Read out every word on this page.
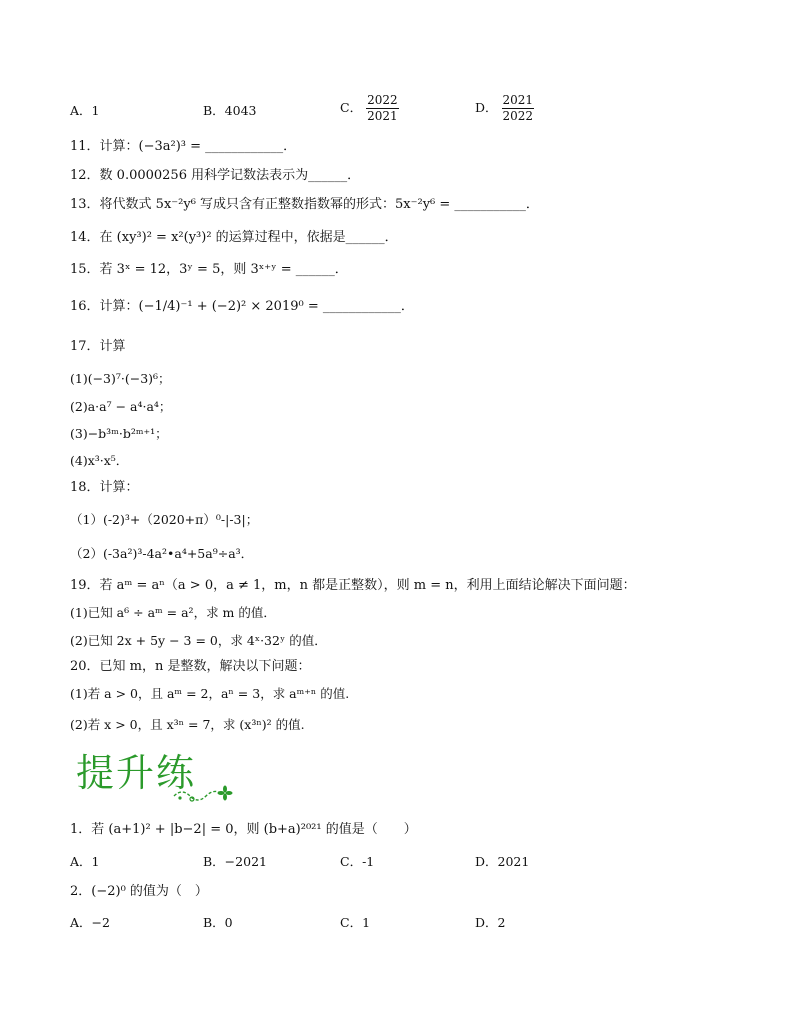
A．1	B．4043	C． $\frac{2022}{2021}$	D． $\frac{2021}{2022}$
11．计算：(−3a²)³ = ____________．
12．数 0.0000256 用科学记数法表示为______．
13．将代数式 5x⁻²y⁶ 写成只含有正整数指数幂的形式：5x⁻²y⁶ = ___________．
14．在 (xy³)² = x²(y³)² 的运算过程中，依据是______．
15．若 3ˣ = 12，3ʸ = 5，则 3ˣ⁺ʸ = ______．
16．计算：(−1/4)⁻¹ + (−2)² × 2019⁰ = ____________．
17．计算
(1)(−3)⁷·(−3)⁶；
(2)a·a⁷ − a⁴·a⁴；
(3)−b³ᵐ·b²ᵐ⁺¹；
(4)x³·x⁵．
18．计算：
（1）(-2)³+（2020+π）⁰-|-3|；
（2）(-3a²)³-4a²•a⁴+5a⁹÷a³．
19．若 aᵐ = aⁿ（a > 0，a ≠ 1，m，n 都是正整数），则 m = n，利用上面结论解决下面问题：
(1)已知 a⁶ ÷ aᵐ = a²，求 m 的值．
(2)已知 2x + 5y − 3 = 0，求 4ˣ·32ʸ 的值．
20．已知 m，n 是整数，解决以下问题：
(1)若 a > 0，且 aᵐ = 2，aⁿ = 3，求 aᵐ⁺ⁿ 的值.
(2)若 x > 0，且 x³ⁿ = 7，求 (x³ⁿ)² 的值.
提升练
1．若 (a+1)² + |b−2| = 0，则 (b+a)²⁰²¹ 的值是（　　）
A．1	B．−2021	C．-1	D．2021
2．(−2)⁰ 的值为（　）
A．−2	B．0	C．1	D．2
